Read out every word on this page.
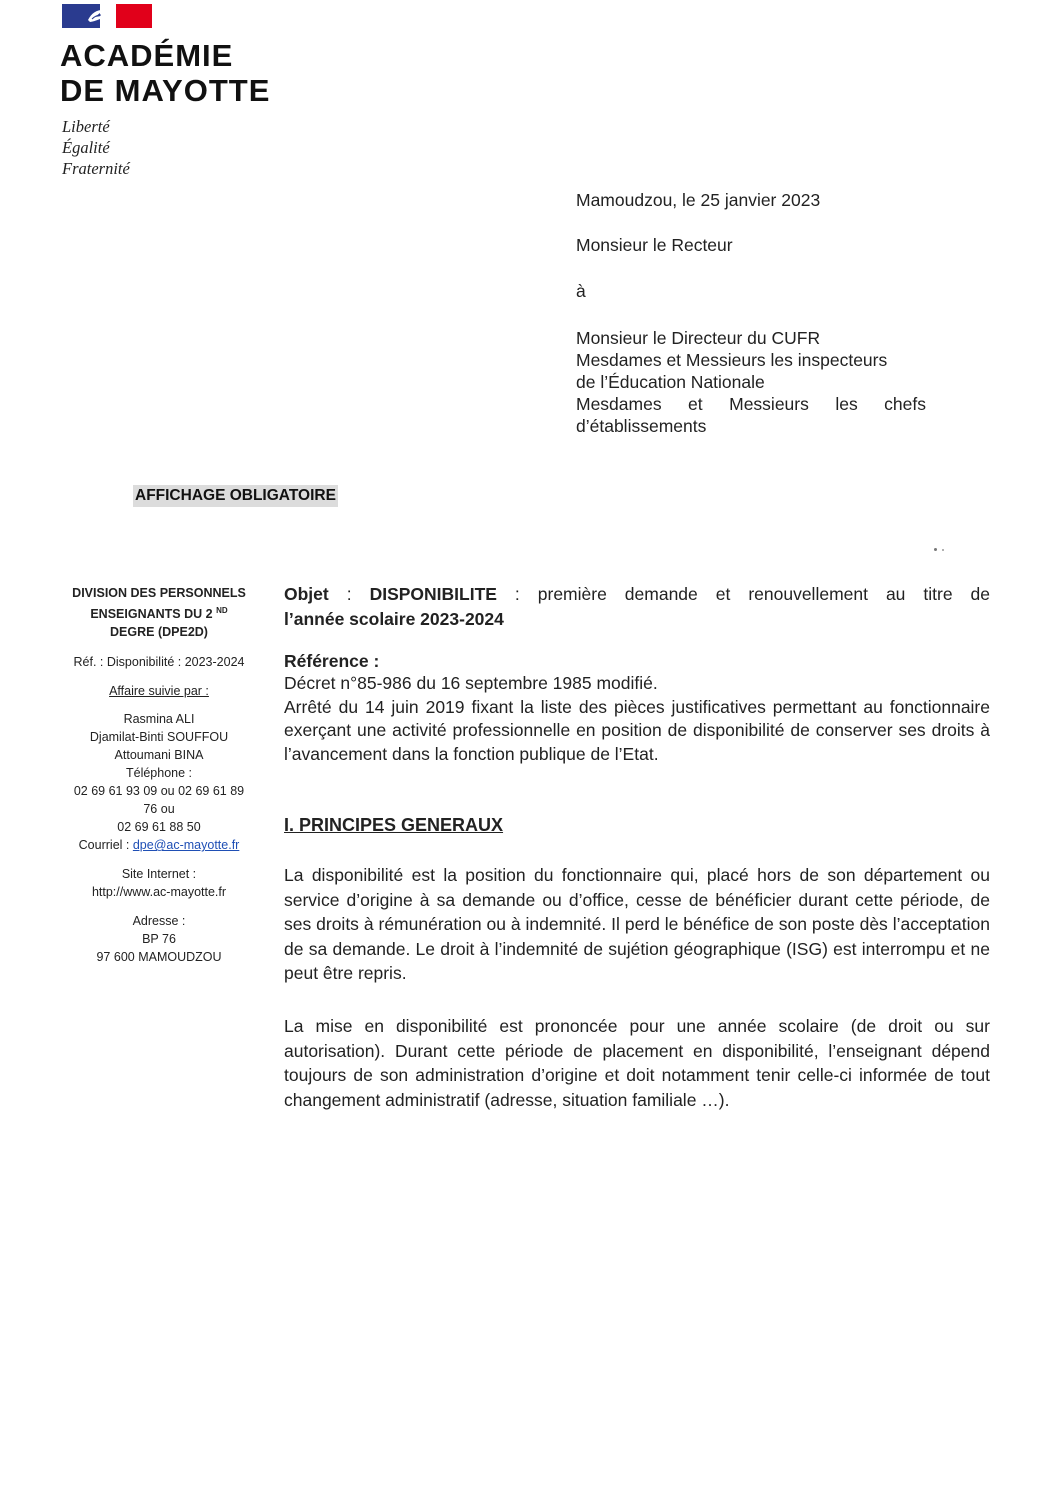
ACADÉMIE
DE MAYOTTE
Liberté
Égalité
Fraternité
Mamoudzou, le 25 janvier 2023
Monsieur le Recteur
à
Monsieur le Directeur du CUFR
Mesdames et Messieurs les inspecteurs
de l’Éducation Nationale
Mesdames et Messieurs les chefs
d’établissements
AFFICHAGE OBLIGATOIRE
DIVISION DES PERSONNELS
ENSEIGNANTS DU 2 $^{ND}$
DEGRE (DPE2D)
Réf. : Disponibilité : 2023-2024
Affaire suivie par :
Rasmina ALI
Djamilat-Binti SOUFFOU
Attoumani BINA
Téléphone :
02 69 61 93 09 ou 02 69 61 89
76 ou
02 69 61 88 50
Courriel : dpe@ac-mayotte.fr
Site Internet :
http://www.ac-mayotte.fr
Adresse :
BP 76
97 600 MAMOUDZOU
Objet : DISPONIBILITE : première demande et renouvellement au titre de
l’année scolaire 2023-2024
Référence :
Décret n°85-986 du 16 septembre 1985 modifié.
Arrêté du 14 juin 2019 fixant la liste des pièces justificatives permettant au fonctionnaire exerçant une activité professionnelle en position de disponibilité de conserver ses droits à l’avancement dans la fonction publique de l’Etat.
I. PRINCIPES GENERAUX
La disponibilité est la position du fonctionnaire qui, placé hors de son département ou service d’origine à sa demande ou d’office, cesse de bénéficier durant cette période, de ses droits à rémunération ou à indemnité. Il perd le bénéfice de son poste dès l’acceptation de sa demande. Le droit à l’indemnité de sujétion géographique (ISG) est interrompu et ne peut être repris.
La mise en disponibilité est prononcée pour une année scolaire (de droit ou sur autorisation). Durant cette période de placement en disponibilité, l’enseignant dépend toujours de son administration d’origine et doit notamment tenir celle-ci informée de tout changement administratif (adresse, situation familiale …).
